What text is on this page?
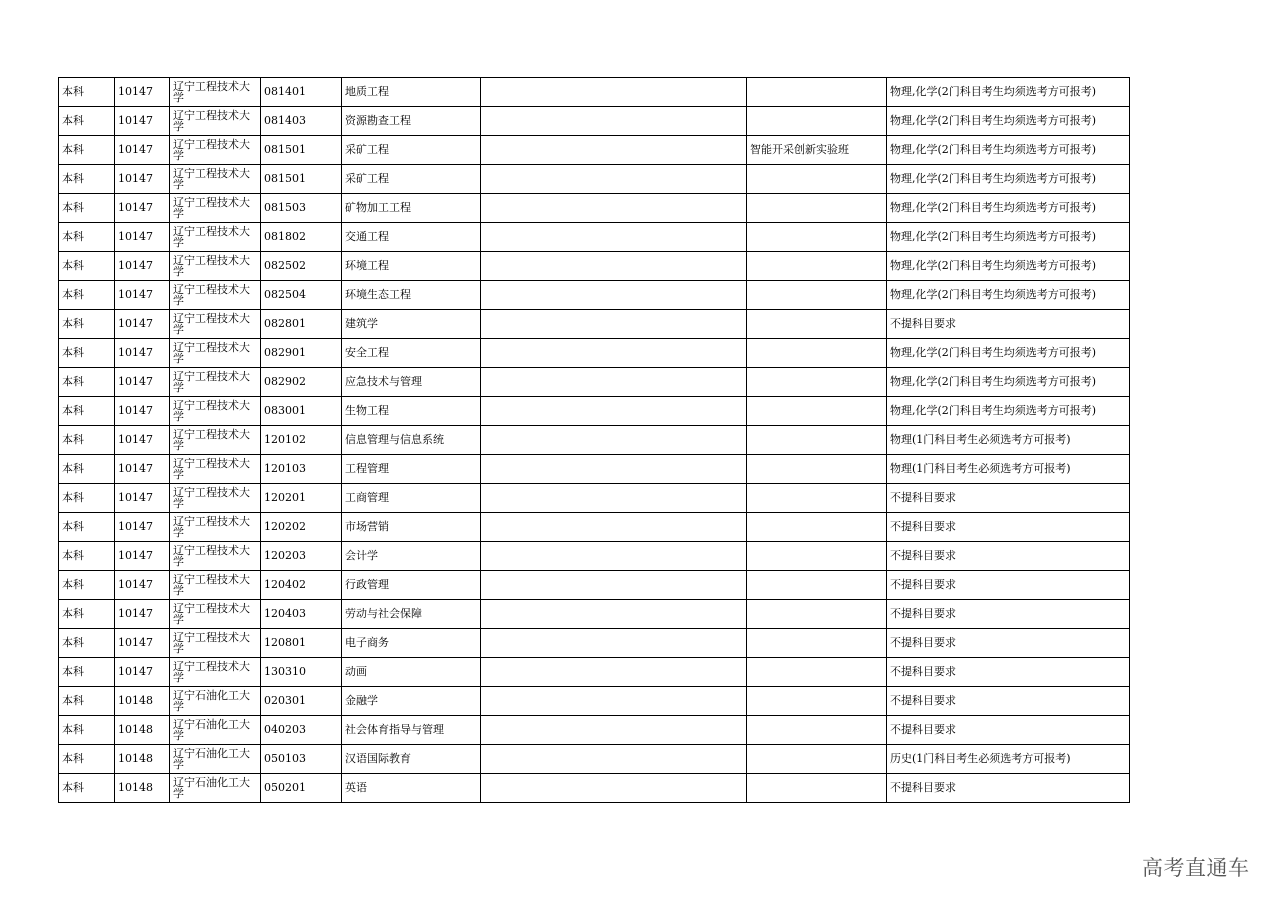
本科	10147	辽宁工程技术大学	081401	地质工程			物理,化学(2门科目考生均须选考方可报考)
本科	10147	辽宁工程技术大学	081403	资源勘查工程			物理,化学(2门科目考生均须选考方可报考)
本科	10147	辽宁工程技术大学	081501	采矿工程		智能开采创新实验班	物理,化学(2门科目考生均须选考方可报考)
本科	10147	辽宁工程技术大学	081501	采矿工程			物理,化学(2门科目考生均须选考方可报考)
本科	10147	辽宁工程技术大学	081503	矿物加工工程			物理,化学(2门科目考生均须选考方可报考)
本科	10147	辽宁工程技术大学	081802	交通工程			物理,化学(2门科目考生均须选考方可报考)
本科	10147	辽宁工程技术大学	082502	环境工程			物理,化学(2门科目考生均须选考方可报考)
本科	10147	辽宁工程技术大学	082504	环境生态工程			物理,化学(2门科目考生均须选考方可报考)
本科	10147	辽宁工程技术大学	082801	建筑学			不提科目要求
本科	10147	辽宁工程技术大学	082901	安全工程			物理,化学(2门科目考生均须选考方可报考)
本科	10147	辽宁工程技术大学	082902	应急技术与管理			物理,化学(2门科目考生均须选考方可报考)
本科	10147	辽宁工程技术大学	083001	生物工程			物理,化学(2门科目考生均须选考方可报考)
本科	10147	辽宁工程技术大学	120102	信息管理与信息系统			物理(1门科目考生必须选考方可报考)
本科	10147	辽宁工程技术大学	120103	工程管理			物理(1门科目考生必须选考方可报考)
本科	10147	辽宁工程技术大学	120201	工商管理			不提科目要求
本科	10147	辽宁工程技术大学	120202	市场营销			不提科目要求
本科	10147	辽宁工程技术大学	120203	会计学			不提科目要求
本科	10147	辽宁工程技术大学	120402	行政管理			不提科目要求
本科	10147	辽宁工程技术大学	120403	劳动与社会保障			不提科目要求
本科	10147	辽宁工程技术大学	120801	电子商务			不提科目要求
本科	10147	辽宁工程技术大学	130310	动画			不提科目要求
本科	10148	辽宁石油化工大学	020301	金融学			不提科目要求
本科	10148	辽宁石油化工大学	040203	社会体育指导与管理			不提科目要求
本科	10148	辽宁石油化工大学	050103	汉语国际教育			历史(1门科目考生必须选考方可报考)
本科	10148	辽宁石油化工大学	050201	英语			不提科目要求
高考直通车
